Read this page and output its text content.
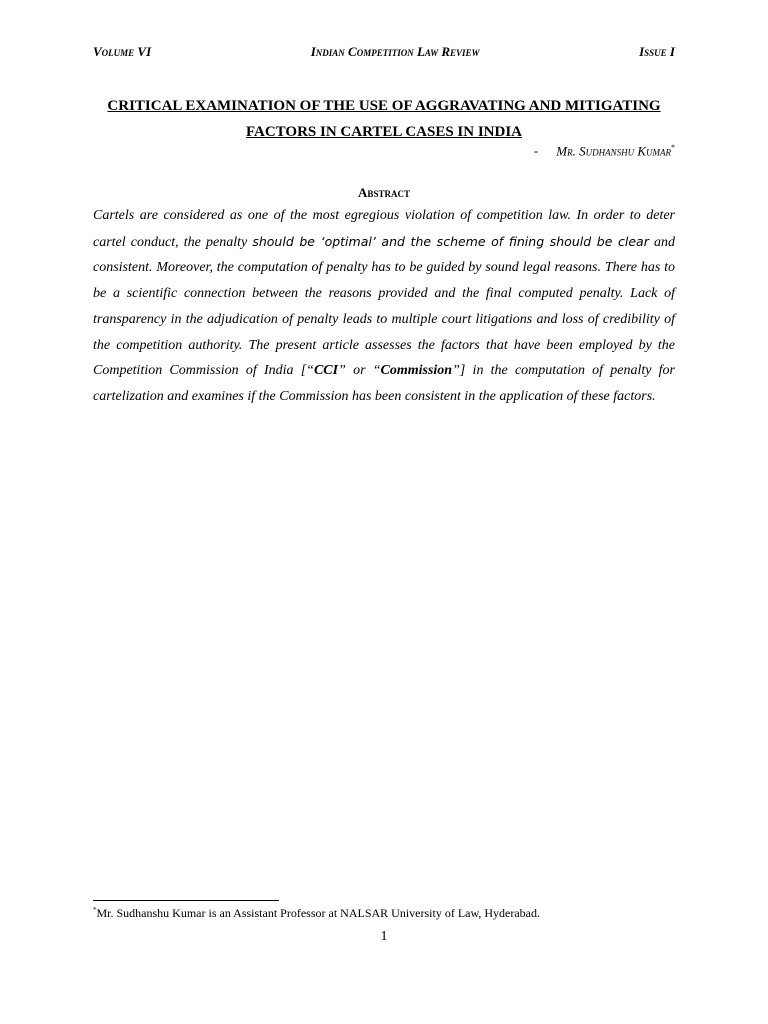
Volume VI	Indian Competition Law Review	Issue I
CRITICAL EXAMINATION OF THE USE OF AGGRAVATING AND MITIGATING
FACTORS IN CARTEL CASES IN INDIA
- Mr. Sudhanshu Kumar*
Abstract

Cartels are considered as one of the most egregious violation of competition law. In order to deter cartel conduct, the penalty should be ‘optimal’ and the scheme of fining should be clear and consistent. Moreover, the computation of penalty has to be guided by sound legal reasons. There has to be a scientific connection between the reasons provided and the final computed penalty. Lack of transparency in the adjudication of penalty leads to multiple court litigations and loss of credibility of the competition authority. The present article assesses the factors that have been employed by the Competition Commission of India [“CCI” or “Commission”] in the computation of penalty for cartelization and examines if the Commission has been consistent in the application of these factors.

*Mr. Sudhanshu Kumar is an Assistant Professor at NALSAR University of Law, Hyderabad.
1
